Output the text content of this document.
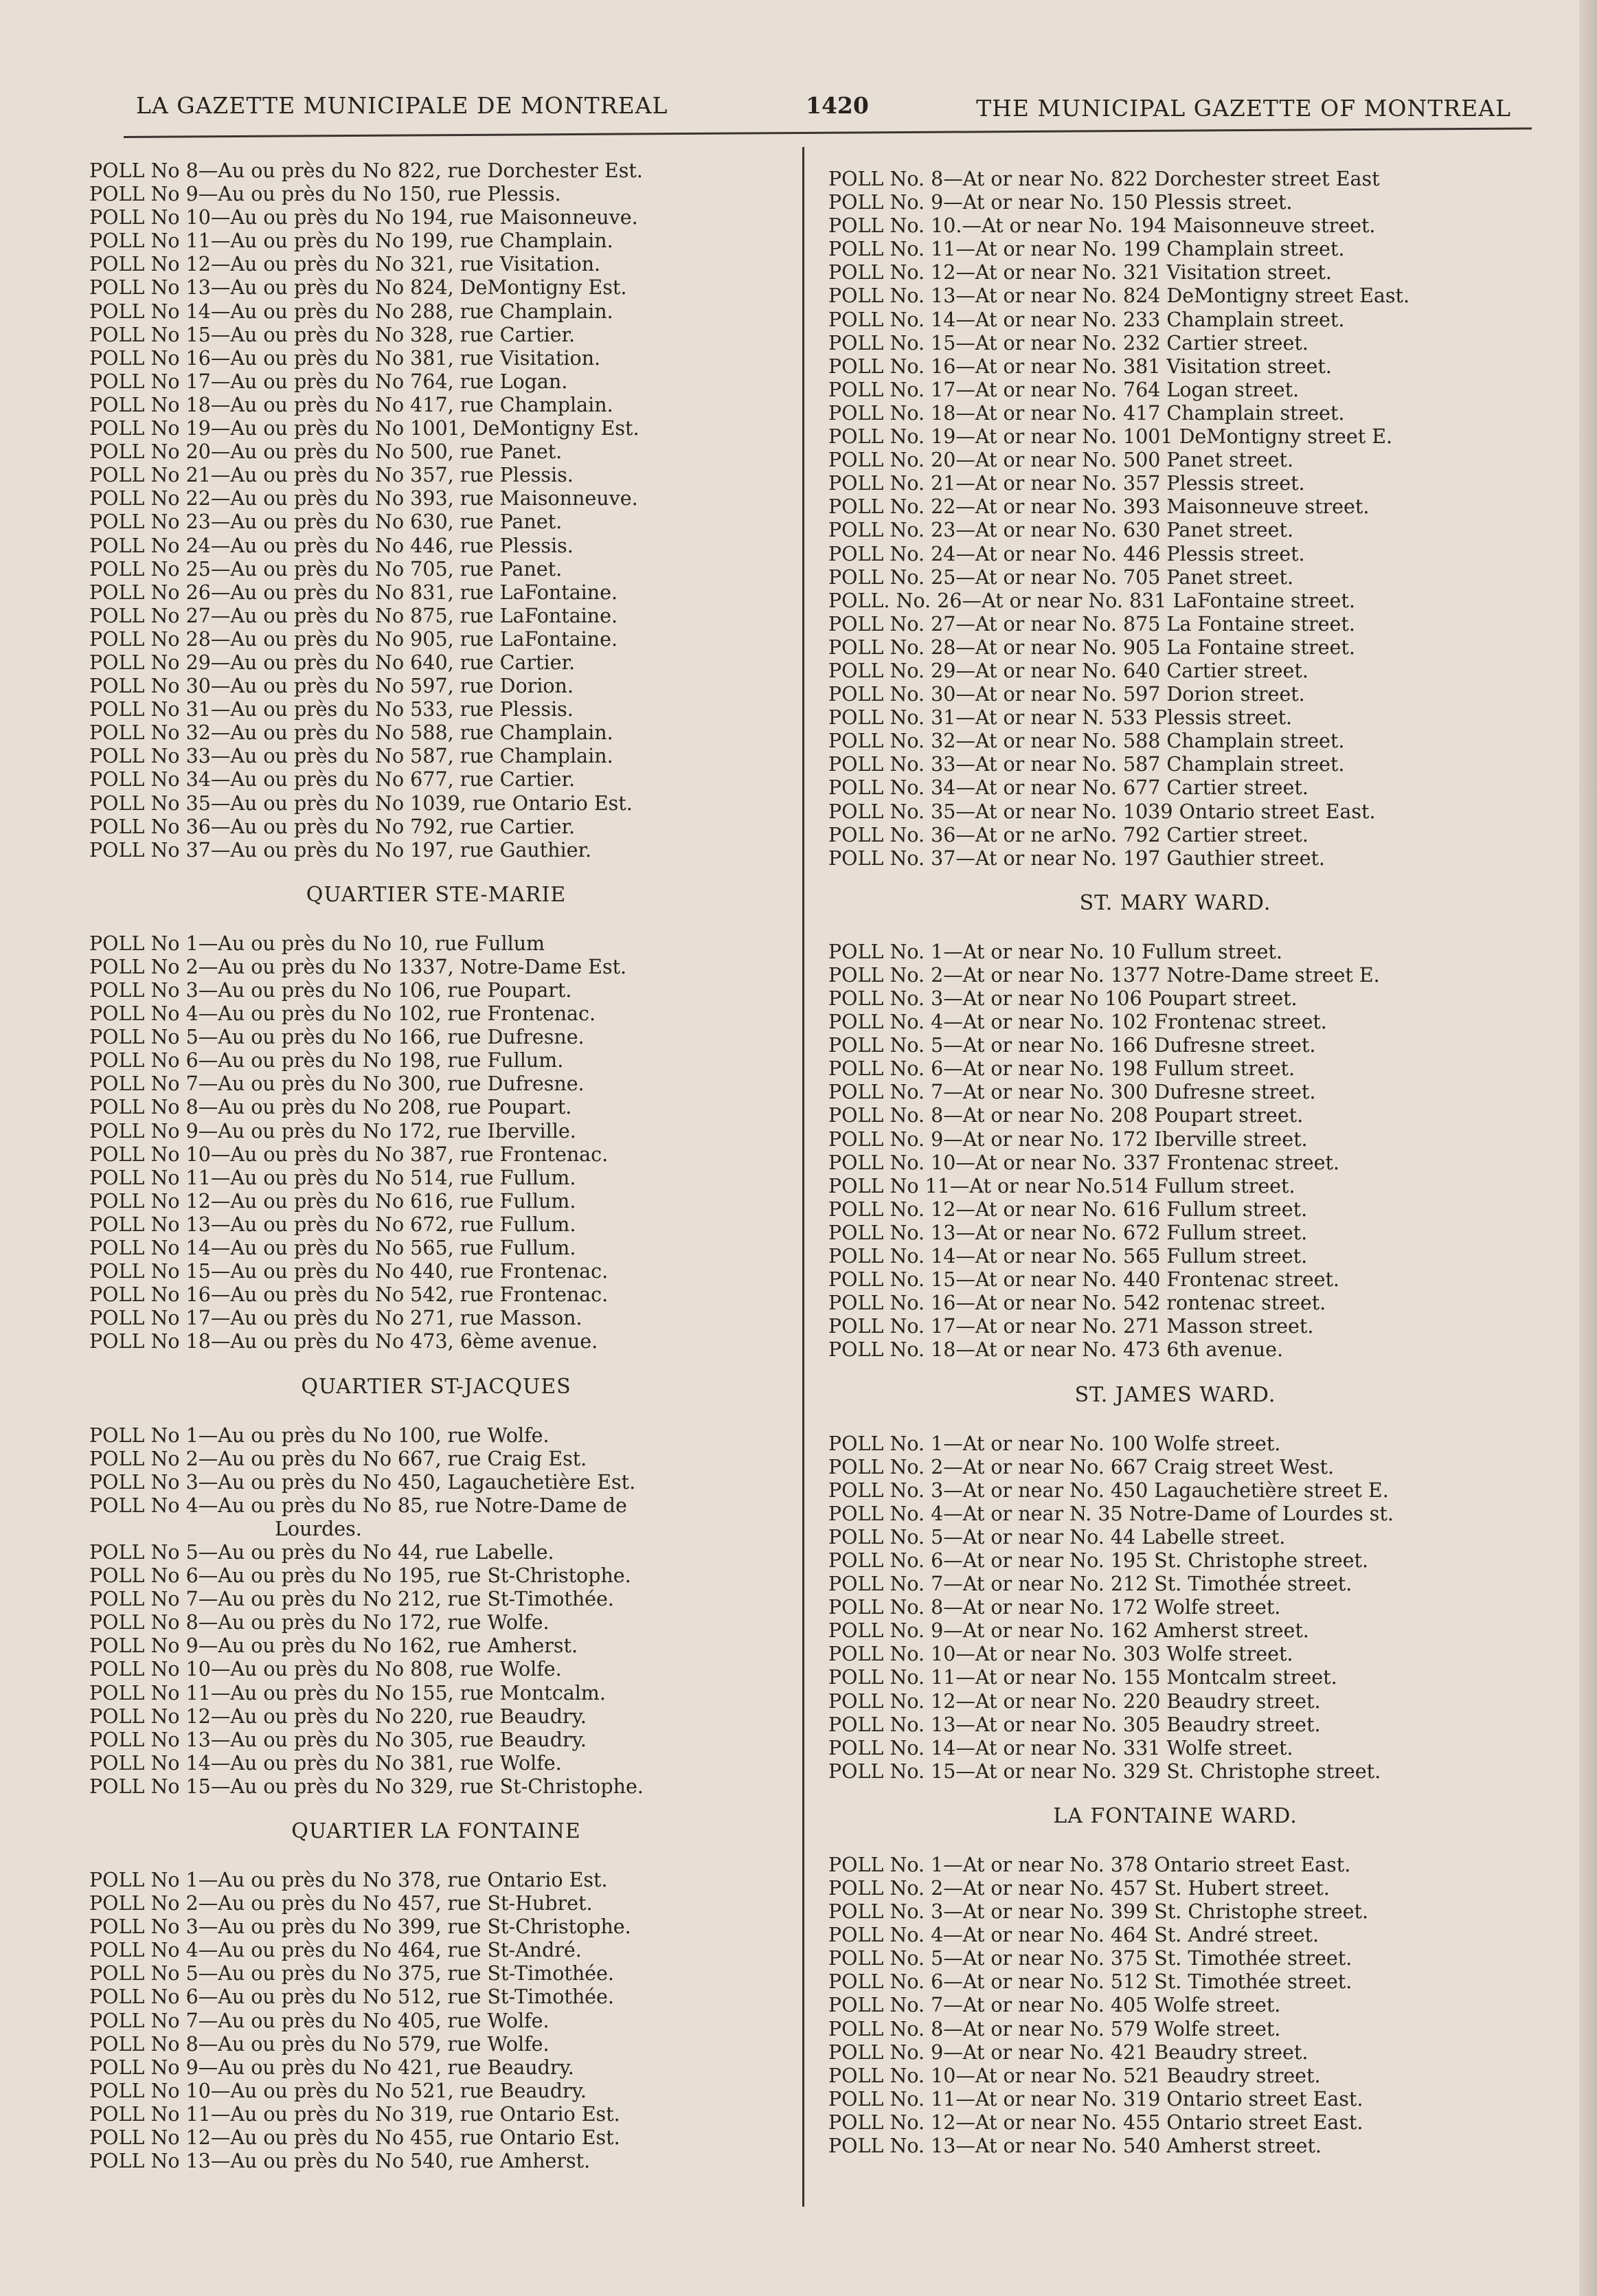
LA GAZETTE MUNICIPALE DE MONTREAL	1420	THE MUNICIPAL GAZETTE OF MONTREAL
POLL No 8—Au ou près du No 822, rue Dorchester Est.
POLL No 9—Au ou près du No 150, rue Plessis.
POLL No 10—Au ou près du No 194, rue Maisonneuve.
POLL No 11—Au ou près du No 199, rue Champlain.
POLL No 12—Au ou près du No 321, rue Visitation.
POLL No 13—Au ou près du No 824, DeMontigny Est.
POLL No 14—Au ou près du No 288, rue Champlain.
POLL No 15—Au ou près du No 328, rue Cartier.
POLL No 16—Au ou près du No 381, rue Visitation.
POLL No 17—Au ou près du No 764, rue Logan.
POLL No 18—Au ou près du No 417, rue Champlain.
POLL No 19—Au ou près du No 1001, DeMontigny Est.
POLL No 20—Au ou près du No 500, rue Panet.
POLL No 21—Au ou près du No 357, rue Plessis.
POLL No 22—Au ou près du No 393, rue Maisonneuve.
POLL No 23—Au ou près du No 630, rue Panet.
POLL No 24—Au ou près du No 446, rue Plessis.
POLL No 25—Au ou près du No 705, rue Panet.
POLL No 26—Au ou près du No 831, rue LaFontaine.
POLL No 27—Au ou près du No 875, rue LaFontaine.
POLL No 28—Au ou près du No 905, rue LaFontaine.
POLL No 29—Au ou près du No 640, rue Cartier.
POLL No 30—Au ou près du No 597, rue Dorion.
POLL No 31—Au ou près du No 533, rue Plessis.
POLL No 32—Au ou près du No 588, rue Champlain.
POLL No 33—Au ou près du No 587, rue Champlain.
POLL No 34—Au ou près du No 677, rue Cartier.
POLL No 35—Au ou près du No 1039, rue Ontario Est.
POLL No 36—Au ou près du No 792, rue Cartier.
POLL No 37—Au ou près du No 197, rue Gauthier.
QUARTIER STE-MARIE
POLL No 1—Au ou près du No 10, rue Fullum
POLL No 2—Au ou près du No 1337, Notre-Dame Est.
POLL No 3—Au ou près du No 106, rue Poupart.
POLL No 4—Au ou près du No 102, rue Frontenac.
POLL No 5—Au ou près du No 166, rue Dufresne.
POLL No 6—Au ou près du No 198, rue Fullum.
POLL No 7—Au ou près du No 300, rue Dufresne.
POLL No 8—Au ou près du No 208, rue Poupart.
POLL No 9—Au ou près du No 172, rue Iberville.
POLL No 10—Au ou près du No 387, rue Frontenac.
POLL No 11—Au ou près du No 514, rue Fullum.
POLL No 12—Au ou près du No 616, rue Fullum.
POLL No 13—Au ou près du No 672, rue Fullum.
POLL No 14—Au ou près du No 565, rue Fullum.
POLL No 15—Au ou près du No 440, rue Frontenac.
POLL No 16—Au ou près du No 542, rue Frontenac.
POLL No 17—Au ou près du No 271, rue Masson.
POLL No 18—Au ou près du No 473, 6ème avenue.
QUARTIER ST-JACQUES
POLL No 1—Au ou près du No 100, rue Wolfe.
POLL No 2—Au ou près du No 667, rue Craig Est.
POLL No 3—Au ou près du No 450, Lagauchetière Est.
POLL No 4—Au ou près du No 85, rue Notre-Dame de
Lourdes.
POLL No 5—Au ou près du No 44, rue Labelle.
POLL No 6—Au ou près du No 195, rue St-Christophe.
POLL No 7—Au ou près du No 212, rue St-Timothée.
POLL No 8—Au ou près du No 172, rue Wolfe.
POLL No 9—Au ou près du No 162, rue Amherst.
POLL No 10—Au ou près du No 808, rue Wolfe.
POLL No 11—Au ou près du No 155, rue Montcalm.
POLL No 12—Au ou près du No 220, rue Beaudry.
POLL No 13—Au ou près du No 305, rue Beaudry.
POLL No 14—Au ou près du No 381, rue Wolfe.
POLL No 15—Au ou près du No 329, rue St-Christophe.
QUARTIER LA FONTAINE
POLL No 1—Au ou près du No 378, rue Ontario Est.
POLL No 2—Au ou près du No 457, rue St-Hubret.
POLL No 3—Au ou près du No 399, rue St-Christophe.
POLL No 4—Au ou près du No 464, rue St-André.
POLL No 5—Au ou près du No 375, rue St-Timothée.
POLL No 6—Au ou près du No 512, rue St-Timothée.
POLL No 7—Au ou près du No 405, rue Wolfe.
POLL No 8—Au ou près du No 579, rue Wolfe.
POLL No 9—Au ou près du No 421, rue Beaudry.
POLL No 10—Au ou près du No 521, rue Beaudry.
POLL No 11—Au ou près du No 319, rue Ontario Est.
POLL No 12—Au ou près du No 455, rue Ontario Est.
POLL No 13—Au ou près du No 540, rue Amherst.
POLL No. 8—At or near No. 822 Dorchester street East
POLL No. 9—At or near No. 150 Plessis street.
POLL No. 10.—At or near No. 194 Maisonneuve street.
POLL No. 11—At or near No. 199 Champlain street.
POLL No. 12—At or near No. 321 Visitation street.
POLL No. 13—At or near No. 824 DeMontigny street East.
POLL No. 14—At or near No. 233 Champlain street.
POLL No. 15—At or near No. 232 Cartier street.
POLL No. 16—At or near No. 381 Visitation street.
POLL No. 17—At or near No. 764 Logan street.
POLL No. 18—At or near No. 417 Champlain street.
POLL No. 19—At or near No. 1001 DeMontigny street E.
POLL No. 20—At or near No. 500 Panet street.
POLL No. 21—At or near No. 357 Plessis street.
POLL No. 22—At or near No. 393 Maisonneuve street.
POLL No. 23—At or near No. 630 Panet street.
POLL No. 24—At or near No. 446 Plessis street.
POLL No. 25—At or near No. 705 Panet street.
POLL. No. 26—At or near No. 831 LaFontaine street.
POLL No. 27—At or near No. 875 La Fontaine street.
POLL No. 28—At or near No. 905 La Fontaine street.
POLL No. 29—At or near No. 640 Cartier street.
POLL No. 30—At or near No. 597 Dorion street.
POLL No. 31—At or near N. 533 Plessis street.
POLL No. 32—At or near No. 588 Champlain street.
POLL No. 33—At or near No. 587 Champlain street.
POLL No. 34—At or near No. 677 Cartier street.
POLL No. 35—At or near No. 1039 Ontario street East.
POLL No. 36—At or ne arNo. 792 Cartier street.
POLL No. 37—At or near No. 197 Gauthier street.
ST. MARY WARD.
POLL No. 1—At or near No. 10 Fullum street.
POLL No. 2—At or near No. 1377 Notre-Dame street E.
POLL No. 3—At or near No 106 Poupart street.
POLL No. 4—At or near No. 102 Frontenac street.
POLL No. 5—At or near No. 166 Dufresne street.
POLL No. 6—At or near No. 198 Fullum street.
POLL No. 7—At or near No. 300 Dufresne street.
POLL No. 8—At or near No. 208 Poupart street.
POLL No. 9—At or near No. 172 Iberville street.
POLL No. 10—At or near No. 337 Frontenac street.
POLL No 11—At or near No.514 Fullum street.
POLL No. 12—At or near No. 616 Fullum street.
POLL No. 13—At or near No. 672 Fullum street.
POLL No. 14—At or near No. 565 Fullum street.
POLL No. 15—At or near No. 440 Frontenac street.
POLL No. 16—At or near No. 542 rontenac street.
POLL No. 17—At or near No. 271 Masson street.
POLL No. 18—At or near No. 473 6th avenue.
ST. JAMES WARD.
POLL No. 1—At or near No. 100 Wolfe street.
POLL No. 2—At or near No. 667 Craig street West.
POLL No. 3—At or near No. 450 Lagauchetière street E.
POLL No. 4—At or near N. 35 Notre-Dame of Lourdes st.
POLL No. 5—At or near No. 44 Labelle street.
POLL No. 6—At or near No. 195 St. Christophe street.
POLL No. 7—At or near No. 212 St. Timothée street.
POLL No. 8—At or near No. 172 Wolfe street.
POLL No. 9—At or near No. 162 Amherst street.
POLL No. 10—At or near No. 303 Wolfe street.
POLL No. 11—At or near No. 155 Montcalm street.
POLL No. 12—At or near No. 220 Beaudry street.
POLL No. 13—At or near No. 305 Beaudry street.
POLL No. 14—At or near No. 331 Wolfe street.
POLL No. 15—At or near No. 329 St. Christophe street.
LA FONTAINE WARD.
POLL No. 1—At or near No. 378 Ontario street East.
POLL No. 2—At or near No. 457 St. Hubert street.
POLL No. 3—At or near No. 399 St. Christophe street.
POLL No. 4—At or near No. 464 St. André street.
POLL No. 5—At or near No. 375 St. Timothée street.
POLL No. 6—At or near No. 512 St. Timothée street.
POLL No. 7—At or near No. 405 Wolfe street.
POLL No. 8—At or near No. 579 Wolfe street.
POLL No. 9—At or near No. 421 Beaudry street.
POLL No. 10—At or near No. 521 Beaudry street.
POLL No. 11—At or near No. 319 Ontario street East.
POLL No. 12—At or near No. 455 Ontario street East.
POLL No. 13—At or near No. 540 Amherst street.
